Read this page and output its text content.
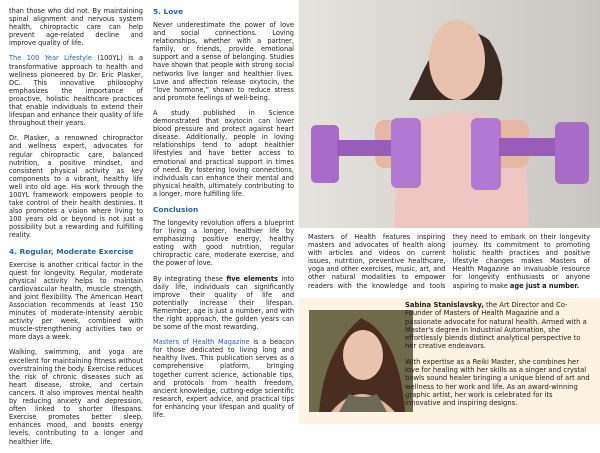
than those who did not. By maintaining spinal alignment and nervous system health, chiropractic care can help prevent age-related decline and improve quality of life.

The 100 Year Lifestyle (100YL) is a transformative approach to health and wellness pioneered by Dr. Eric Plasker, DC. This innovative philosophy emphasizes the importance of proactive, holistic healthcare practices that enable individuals to extend their lifespan and enhance their quality of life throughout their years.

Dr. Plasker, a renowned chiropractor and wellness expert, advocates for regular chiropractic care, balanced nutrition, a positive mindset, and consistent physical activity as key components to a vibrant, healthy life well into old age. His work through the 100YL framework empowers people to take control of their health destinies. It also promotes a vision where living to 100 years old or beyond is not just a possibility but a rewarding and fulfilling reality.

4. Regular, Moderate Exercise

Exercise is another critical factor in the quest for longevity. Regular, moderate physical activity helps to maintain cardiovascular health, muscle strength, and joint flexibility. The American Heart Association recommends at least 150 minutes of moderate-intensity aerobic activity per week, combined with muscle-strengthening activities two or more days a week.

Walking, swimming, and yoga are excellent for maintaining fitness without overstraining the body. Exercise reduces the risk of chronic diseases such as heart disease, stroke, and certain cancers. It also improves mental health by reducing anxiety and depression, often linked to shorter lifespans. Exercise promotes better sleep, enhances mood, and boosts energy levels, contributing to a longer and healthier life.

5. Love

Never underestimate the power of love and social connections. Loving relationships, whether with a partner, family, or friends, provide emotional support and a sense of belonging. Studies have shown that people with strong social networks live longer and healthier lives. Love and affection release oxytocin, the “love hormone,” shown to reduce stress and promote feelings of well-being.

A study published in Science demonstrated that oxytocin can lower blood pressure and protect against heart disease. Additionally, people in loving relationships tend to adopt healthier lifestyles and have better access to emotional and practical support in times of need. By fostering loving connections, individuals can enhance their mental and physical health, ultimately contributing to a longer, more fulfilling life.

Conclusion

The longevity revolution offers a blueprint for living a longer, healthier life by emphasizing positive energy, healthy eating with good nutrition, regular chiropractic care, moderate exercise, and the power of love.

By integrating these five elements into daily life, individuals can significantly improve their quality of life and potentially increase their lifespan. Remember, age is just a number, and with the right approach, the golden years can be some of the most rewarding.

Masters of Health Magazine is a beacon for those dedicated to living long and healthy lives. This publication serves as a comprehensive platform, bringing together current science, actionable tips, and protocols from health freedom, ancient knowledge, cutting-edge scientific research, expert advice, and practical tips for enhancing your lifespan and quality of life.

Masters of Health features inspiring masters and advocates of health along with articles and videos on current issues, nutrition, preventive healthcare, yoga and other exercises, music, art, and other natural modalities to empower readers with the knowledge and tools they need to embark on their longevity journey. Its commitment to promoting holistic health practices and positive lifestyle changes makes Masters of Health Magazine an invaluable resource for longevity enthusiasts or anyone aspiring to make age just a number.

Sabina Stanislavsky, the Art Director and Co-Founder of Masters of Health Magazine and a passionate advocate for natural health. Armed with a Master's degree in Industrial Automation, she effortlessly blends distinct analytical perspective to her creative endeavors.

With expertise as a Reiki Master, she combines her love for healing with her skills as a singer and crystal bowls sound healer bringing a unique blend of art and wellness to her work and life. As an award-winning graphic artist, her work is celebrated for its innovative and inspiring designs.
